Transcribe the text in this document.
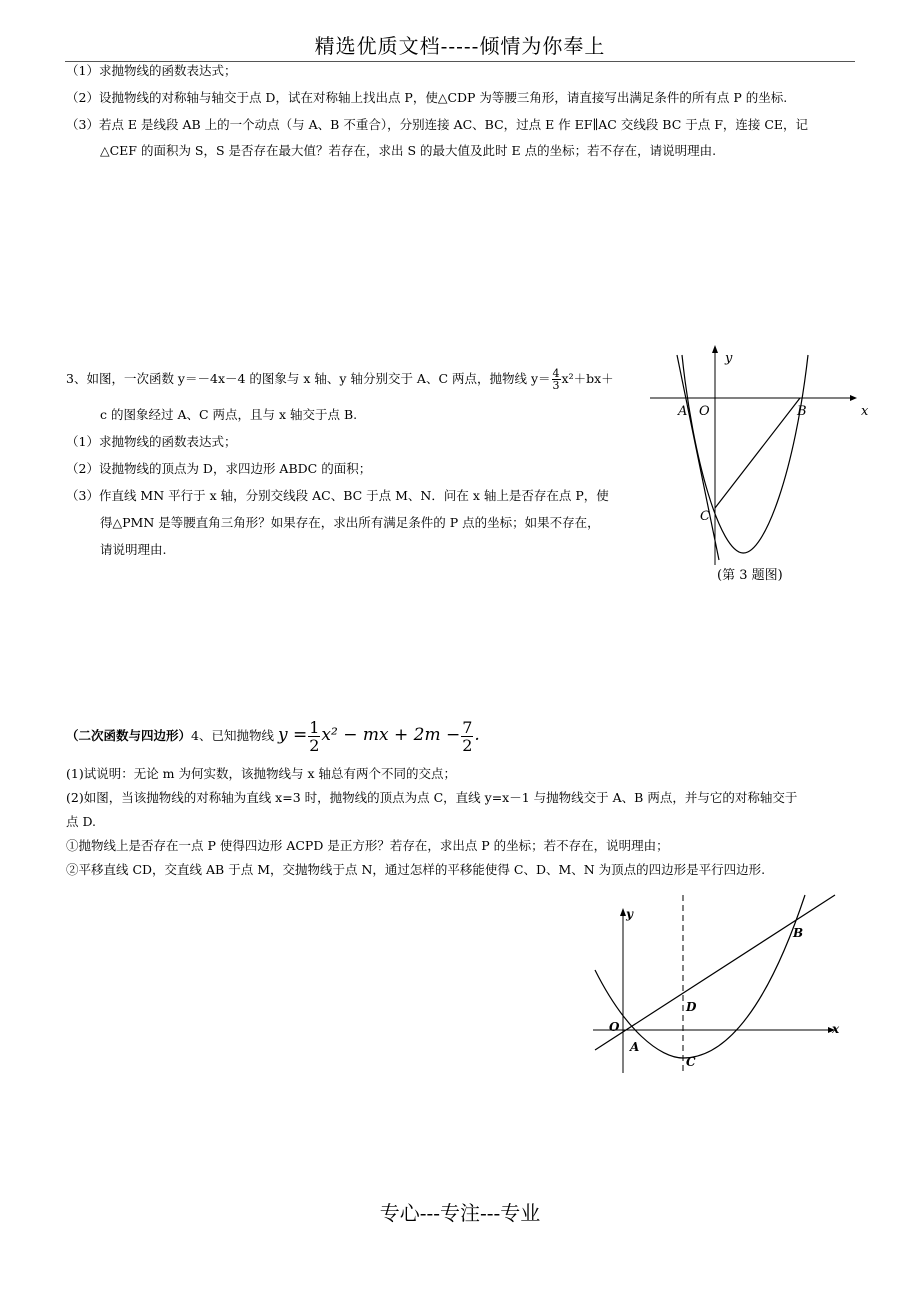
精选优质文档-----倾情为你奉上
（1）求抛物线的函数表达式；
（2）设抛物线的对称轴与轴交于点 D，试在对称轴上找出点 P，使△CDP 为等腰三角形，请直接写出满足条件的所有点 P 的坐标.
（3）若点 E 是线段 AB 上的一个动点（与 A、B 不重合），分别连接 AC、BC，过点 E 作 EF∥AC 交线段 BC 于点 F，连接 CE，记
△CEF 的面积为 S，S 是否存在最大值？若存在，求出 S 的最大值及此时 E 点的坐标；若不存在，请说明理由.
3、如图，一次函数 y＝－4x－4 的图象与 x 轴、y 轴分别交于 A、C 两点，抛物线 $y= \frac{4}{3} x^2+bx+$
c 的图象经过 A、C 两点，且与 x 轴交于点 B.
（1）求抛物线的函数表达式；
（2）设抛物线的顶点为 D，求四边形 ABDC 的面积；
（3）作直线 MN 平行于 x 轴，分别交线段 AC、BC 于点 M、N．问在 x 轴上是否存在点 P，使
得△PMN 是等腰直角三角形？如果存在，求出所有满足条件的 P 点的坐标；如果不存在，
请说明理由.
x
y
A O	B
C
(第 3 题图)
（二次函数与四边形）4、已知抛物线 $y = \frac{1}{2} x^2$ − mx + $2m - \frac{7}{2}$ .
(1)试说明：无论 m 为何实数，该抛物线与 x 轴总有两个不同的交点；
(2)如图，当该抛物线的对称轴为直线 x=3 时，抛物线的顶点为点 C，直线 y=x－1 与抛物线交于 A、B 两点，并与它的对称轴交于
点 D.
①抛物线上是否存在一点 P 使得四边形 ACPD 是正方形？若存在，求出点 P 的坐标；若不存在，说明理由；
②平移直线 CD，交直线 AB 于点 M，交抛物线于点 N，通过怎样的平移能使得 C、D、M、N 为顶点的四边形是平行四边形.
x
y
O
A
B
C
D
专心---专注---专业
